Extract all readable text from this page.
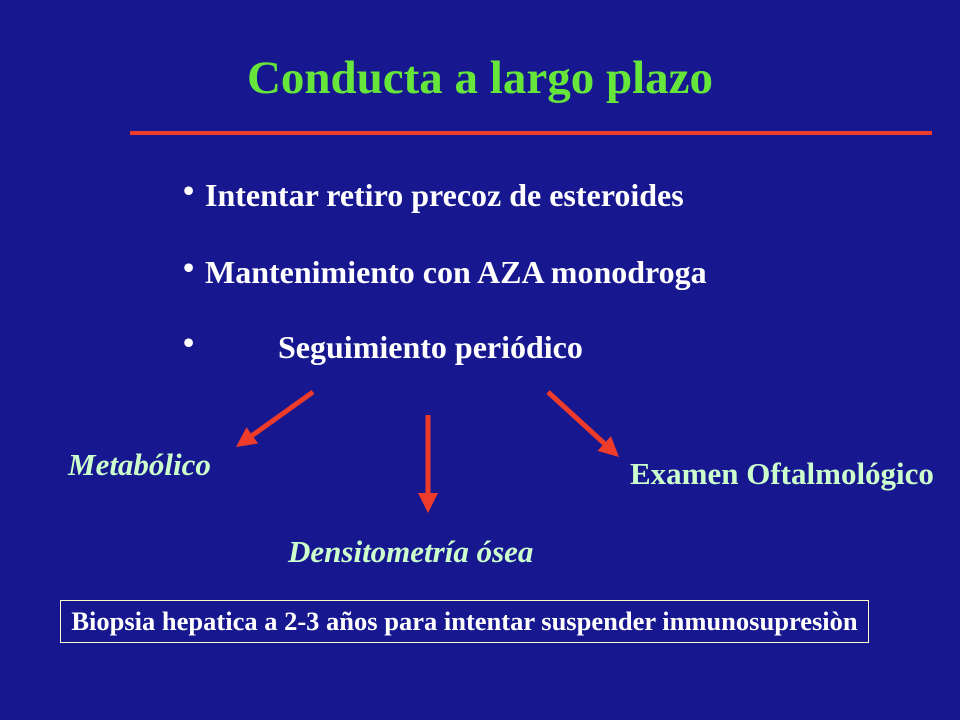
Conducta a largo plazo
• Intentar retiro precoz de esteroides
• Mantenimiento con AZA monodroga
•	Seguimiento periódico
Metabólico	Examen Oftalmológico
Densitometría ósea
Biopsia hepatica a 2-3 años para intentar suspender inmunosupresiòn
